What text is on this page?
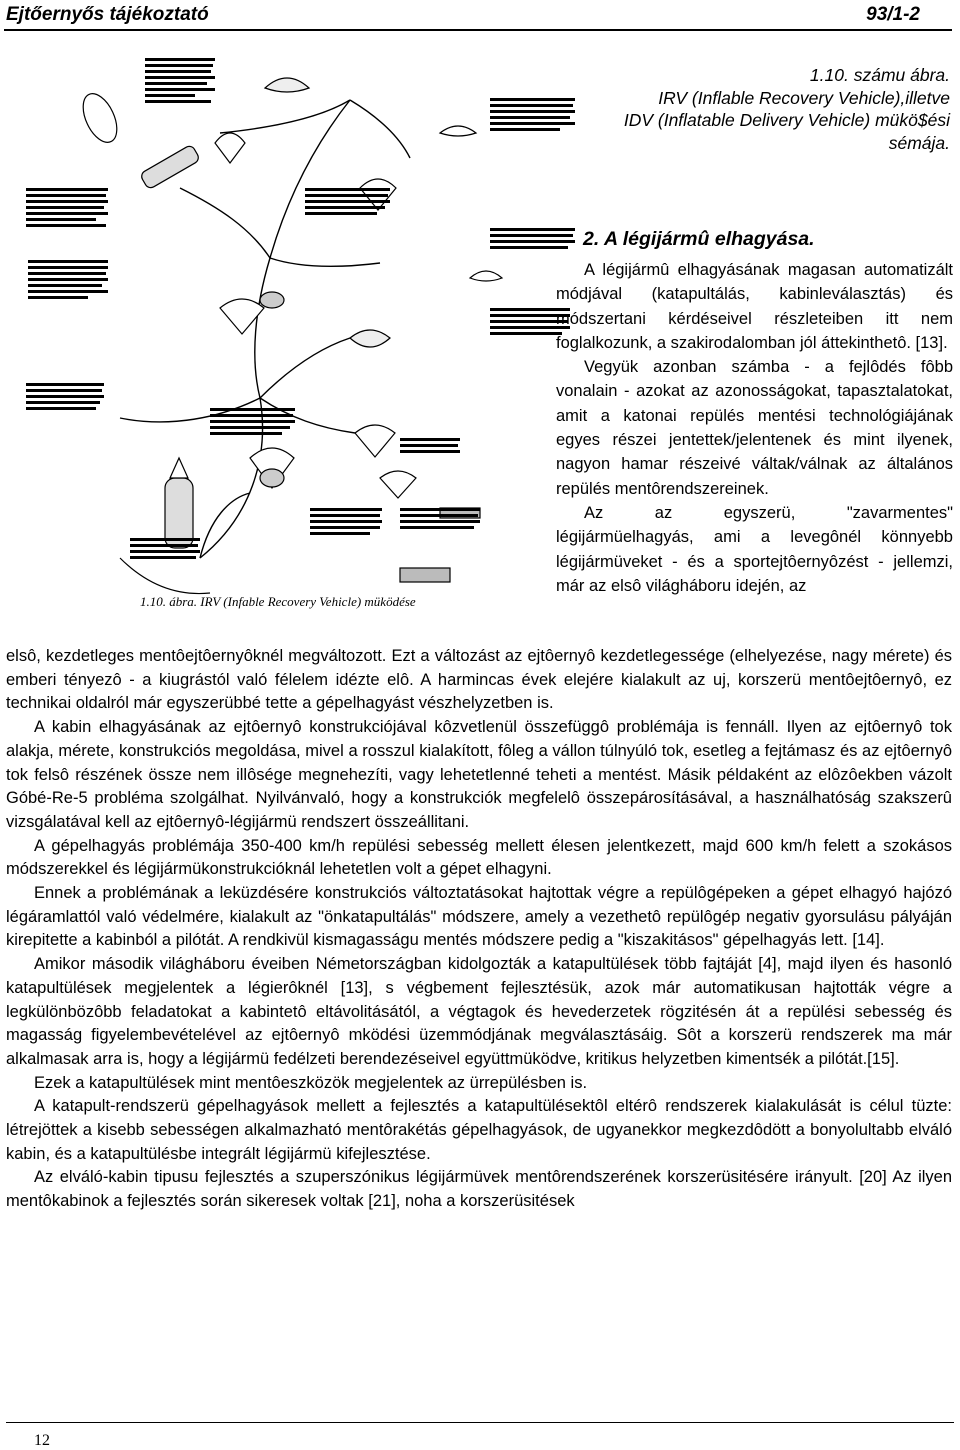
Ejtőernyős tájékoztató	93/1-2
1.10. ábra. IRV (Infable Recovery Vehicle) müködése
1.10. számu ábra.
IRV (Inflable Recovery Vehicle),illetve
IDV (Inflatable Delivery Vehicle) mükö$ési
sémája.
2. A légijármû elhagyása.

A légijármû elhagyásának magasan automatizált módjával (katapultálás, kabinleválasztás) és módszertani kérdéseivel részleteiben itt nem foglalkozunk, a szakirodalomban jól áttekinthetô. [13].

Vegyük azonban számba - a fejlôdés fôbb vonalain - azokat az azonosságokat, tapasztalatokat, amit a katonai repülés mentési technológiájának egyes részei jentettek/jelentenek és mint ilyenek, nagyon hamar részeivé váltak/válnak az általános repülés mentôrendszereinek.

Az az egyszerü, "zavarmentes" légijármüelhagyás, ami a levegônél könnyebb légijármüveket - és a sportejtôernyôzést - jellemzi, már az elsô világháboru idején, az

elsô, kezdetleges mentôejtôernyôknél megváltozott. Ezt a változást az ejtôernyô kezdetlegessége (elhelyezése, nagy mérete) és emberi tényezô - a kiugrástól való félelem idézte elô. A harmincas évek elejére kialakult az uj, korszerü mentôejtôernyô, ez technikai oldalról már egyszerübbé tette a gépelhagyást vészhelyzetben is.

A kabin elhagyásának az ejtôernyô konstrukciójával kôzvetlenül összefüggô problémája is fennáll. Ilyen az ejtôernyô tok alakja, mérete, konstrukciós megoldása, mivel a rosszul kialakított, fôleg a vállon túlnyúló tok, esetleg a fejtámasz és az ejtôernyô tok felsô részének össze nem illôsége megnehezíti, vagy lehetetlenné teheti a mentést. Másik példaként az elôzôekben vázolt Góbé-Re-5 probléma szolgálhat. Nyilvánvaló, hogy a konstrukciók megfelelô összepárosításával, a használhatóság szakszerû vizsgálatával kell az ejtôernyô-légijármü rendszert összeállitani.

A gépelhagyás problémája 350-400 km/h repülési sebesség mellett élesen jelentkezett, majd 600 km/h felett a szokásos módszerekkel és légijármükonstrukcióknál lehetetlen volt a gépet elhagyni.

Ennek a problémának a leküzdésére konstrukciós változtatásokat hajtottak végre a repülôgépeken a gépet elhagyó hajózó légáramlattól való védelmére, kialakult az "önkatapultálás" módszere, amely a vezethetô repülôgép negativ gyorsulásu pályáján kirepitette a kabinból a pilótát. A rendkivül kismagasságu mentés módszere pedig a "kiszakitásos" gépelhagyás lett. [14].

Amikor második világháboru éveiben Németországban kidolgozták a katapultülések több fajtáját [4], majd ilyen és hasonló katapultülések megjelentek a légierôknél [13], s végbement fejlesztésük, azok már automatikusan hajtották végre a legkülönbözôbb feladatokat a kabintetô eltávolitásától, a végtagok és hevederzetek rögzitésén át a repülési sebesség és magasság figyelembevételével az ejtôernyô mködési üzemmódjának megválasztásáig. Sôt a korszerü rendszerek ma már alkalmasak arra is, hogy a légijármü fedélzeti berendezéseivel együttmüködve, kritikus helyzetben kimentsék a pilótát.[15].

Ezek a katapultülések mint mentôeszközök megjelentek az ürrepülésben is.

A katapult-rendszerü gépelhagyások mellett a fejlesztés a katapultülésektôl eltérô rendszerek kialakulását is célul tüzte: létrejöttek a kisebb sebességen alkalmazható mentôrakétás gépelhagyások, de ugyanekkor megkezdôdött a bonyolultabb elváló kabin, és a katapultülésbe integrált légijármü kifejlesztése.

Az elváló-kabin tipusu fejlesztés a szuperszónikus légijármüvek mentôrendszerének korszerüsitésére irányult. [20] Az ilyen mentôkabinok a fejlesztés során sikeresek voltak [21], noha a korszerüsitések

12
